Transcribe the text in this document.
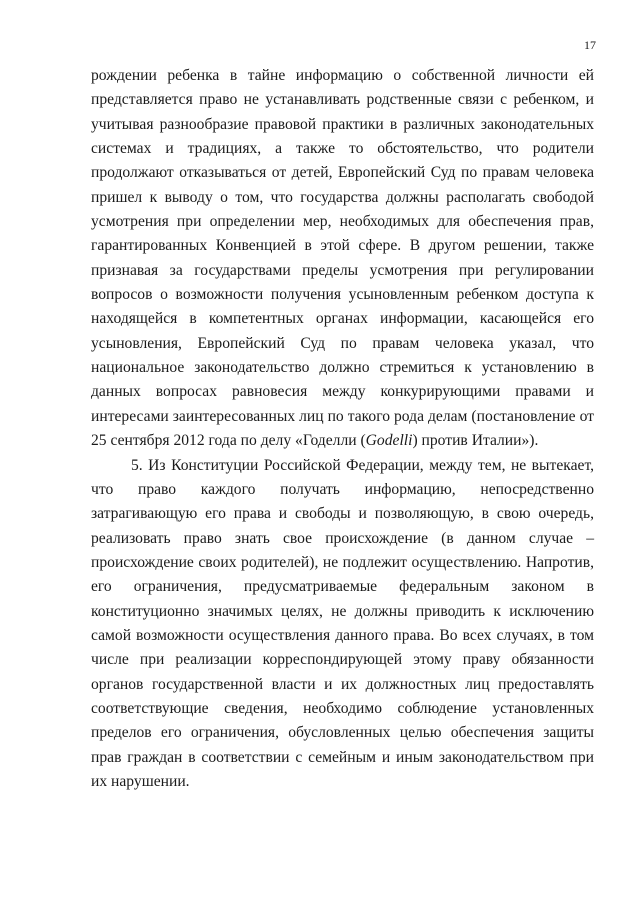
17
рождении ребенка в тайне информацию о собственной личности ей
представляется право не устанавливать родственные связи с ребенком, и
учитывая разнообразие правовой практики в различных законодательных
системах и традициях, а также то обстоятельство, что родители
продолжают отказываться от детей, Европейский Суд по правам человека
пришел к выводу о том, что государства должны располагать свободой
усмотрения при определении мер, необходимых для обеспечения прав,
гарантированных Конвенцией в этой сфере. В другом решении, также
признавая за государствами пределы усмотрения при регулировании
вопросов о возможности получения усыновленным ребенком доступа к
находящейся в компетентных органах информации, касающейся его
усыновления, Европейский Суд по правам человека указал, что
национальное законодательство должно стремиться к установлению в
данных вопросах равновесия между конкурирующими правами и
интересами заинтересованных лиц по такого рода делам (постановление от
25 сентября 2012 года по делу «Годелли (Godelli) против Италии»).
5. Из Конституции Российской Федерации, между тем, не вытекает,
что право каждого получать информацию, непосредственно
затрагивающую его права и свободы и позволяющую, в свою очередь,
реализовать право знать свое происхождение (в данном случае –
происхождение своих родителей), не подлежит осуществлению. Напротив,
его ограничения, предусматриваемые федеральным законом в
конституционно значимых целях, не должны приводить к исключению
самой возможности осуществления данного права. Во всех случаях, в том
числе при реализации корреспондирующей этому праву обязанности
органов государственной власти и их должностных лиц предоставлять
соответствующие сведения, необходимо соблюдение установленных
пределов его ограничения, обусловленных целью обеспечения защиты
прав граждан в соответствии с семейным и иным законодательством при
их нарушении.
